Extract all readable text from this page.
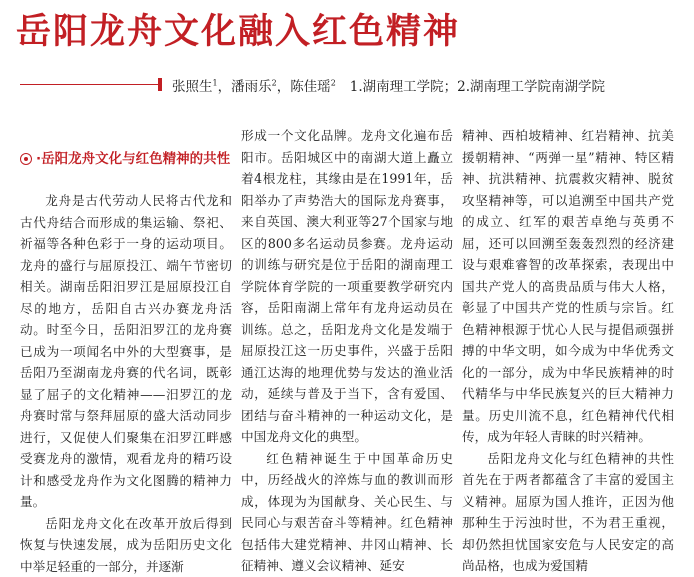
岳阳龙舟文化融入红色精神
张照生$^1$，潘雨乐$^2$，陈佳瑶$^2$ 1.湖南理工学院；2.湖南理工学院南湖学院
·岳阳龙舟文化与红色精神的共性

龙舟是古代劳动人民将古代龙和古代舟结合而形成的集运输、祭祀、祈福等各种色彩于一身的运动项目。龙舟的盛行与屈原投江、端午节密切相关。湖南岳阳汨罗江是屈原投江自尽的地方，岳阳自古兴办赛龙舟活动。时至今日，岳阳汨罗江的龙舟赛已成为一项闻名中外的大型赛事，是岳阳乃至湖南龙舟赛的代名词，既彰显了屈子的文化精神——汨罗江的龙舟赛时常与祭拜屈原的盛大活动同步进行，又促使人们聚集在汨罗江畔感受赛龙舟的激情，观看龙舟的精巧设计和感受龙舟作为文化图腾的精神力量。

岳阳龙舟文化在改革开放后得到恢复与快速发展，成为岳阳历史文化中举足轻重的一部分，并逐渐

形成一个文化品牌。龙舟文化遍布岳阳市。岳阳城区中的南湖大道上矗立着4根龙柱，其缘由是在1991年，岳阳举办了声势浩大的国际龙舟赛事，来自英国、澳大利亚等27个国家与地区的800多名运动员参赛。龙舟运动的训练与研究是位于岳阳的湖南理工学院体育学院的一项重要教学研究内容，岳阳南湖上常年有龙舟运动员在训练。总之，岳阳龙舟文化是发端于屈原投江这一历史事件，兴盛于岳阳通江达海的地理优势与发达的渔业活动，延续与普及于当下，含有爱国、团结与奋斗精神的一种运动文化，是中国龙舟文化的典型。

红色精神诞生于中国革命历史中，历经战火的淬炼与血的教训而形成，体现为为国献身、关心民生、与民同心与艰苦奋斗等精神。红色精神包括伟大建党精神、井冈山精神、长征精神、遵义会议精神、延安

精神、西柏坡精神、红岩精神、抗美援朝精神、“两弹一星”精神、特区精神、抗洪精神、抗震救灾精神、脱贫攻坚精神等，可以追溯至中国共产党的成立、红军的艰苦卓绝与英勇不屈，还可以回溯至轰轰烈烈的经济建设与艰难睿智的改革探索，表现出中国共产党人的高贵品质与伟大人格，彰显了中国共产党的性质与宗旨。红色精神根源于忧心人民与提倡顽强拼搏的中华文明，如今成为中华优秀文化的一部分，成为中华民族精神的时代精华与中华民族复兴的巨大精神力量。历史川流不息，红色精神代代相传，成为年轻人青睐的时兴精神。

岳阳龙舟文化与红色精神的共性首先在于两者都蕴含了丰富的爱国主义精神。屈原为国人推许，正因为他那种生于污浊时世，不为君王重视，却仍然担忧国家安危与人民安定的高尚品格，也成为爱国精
